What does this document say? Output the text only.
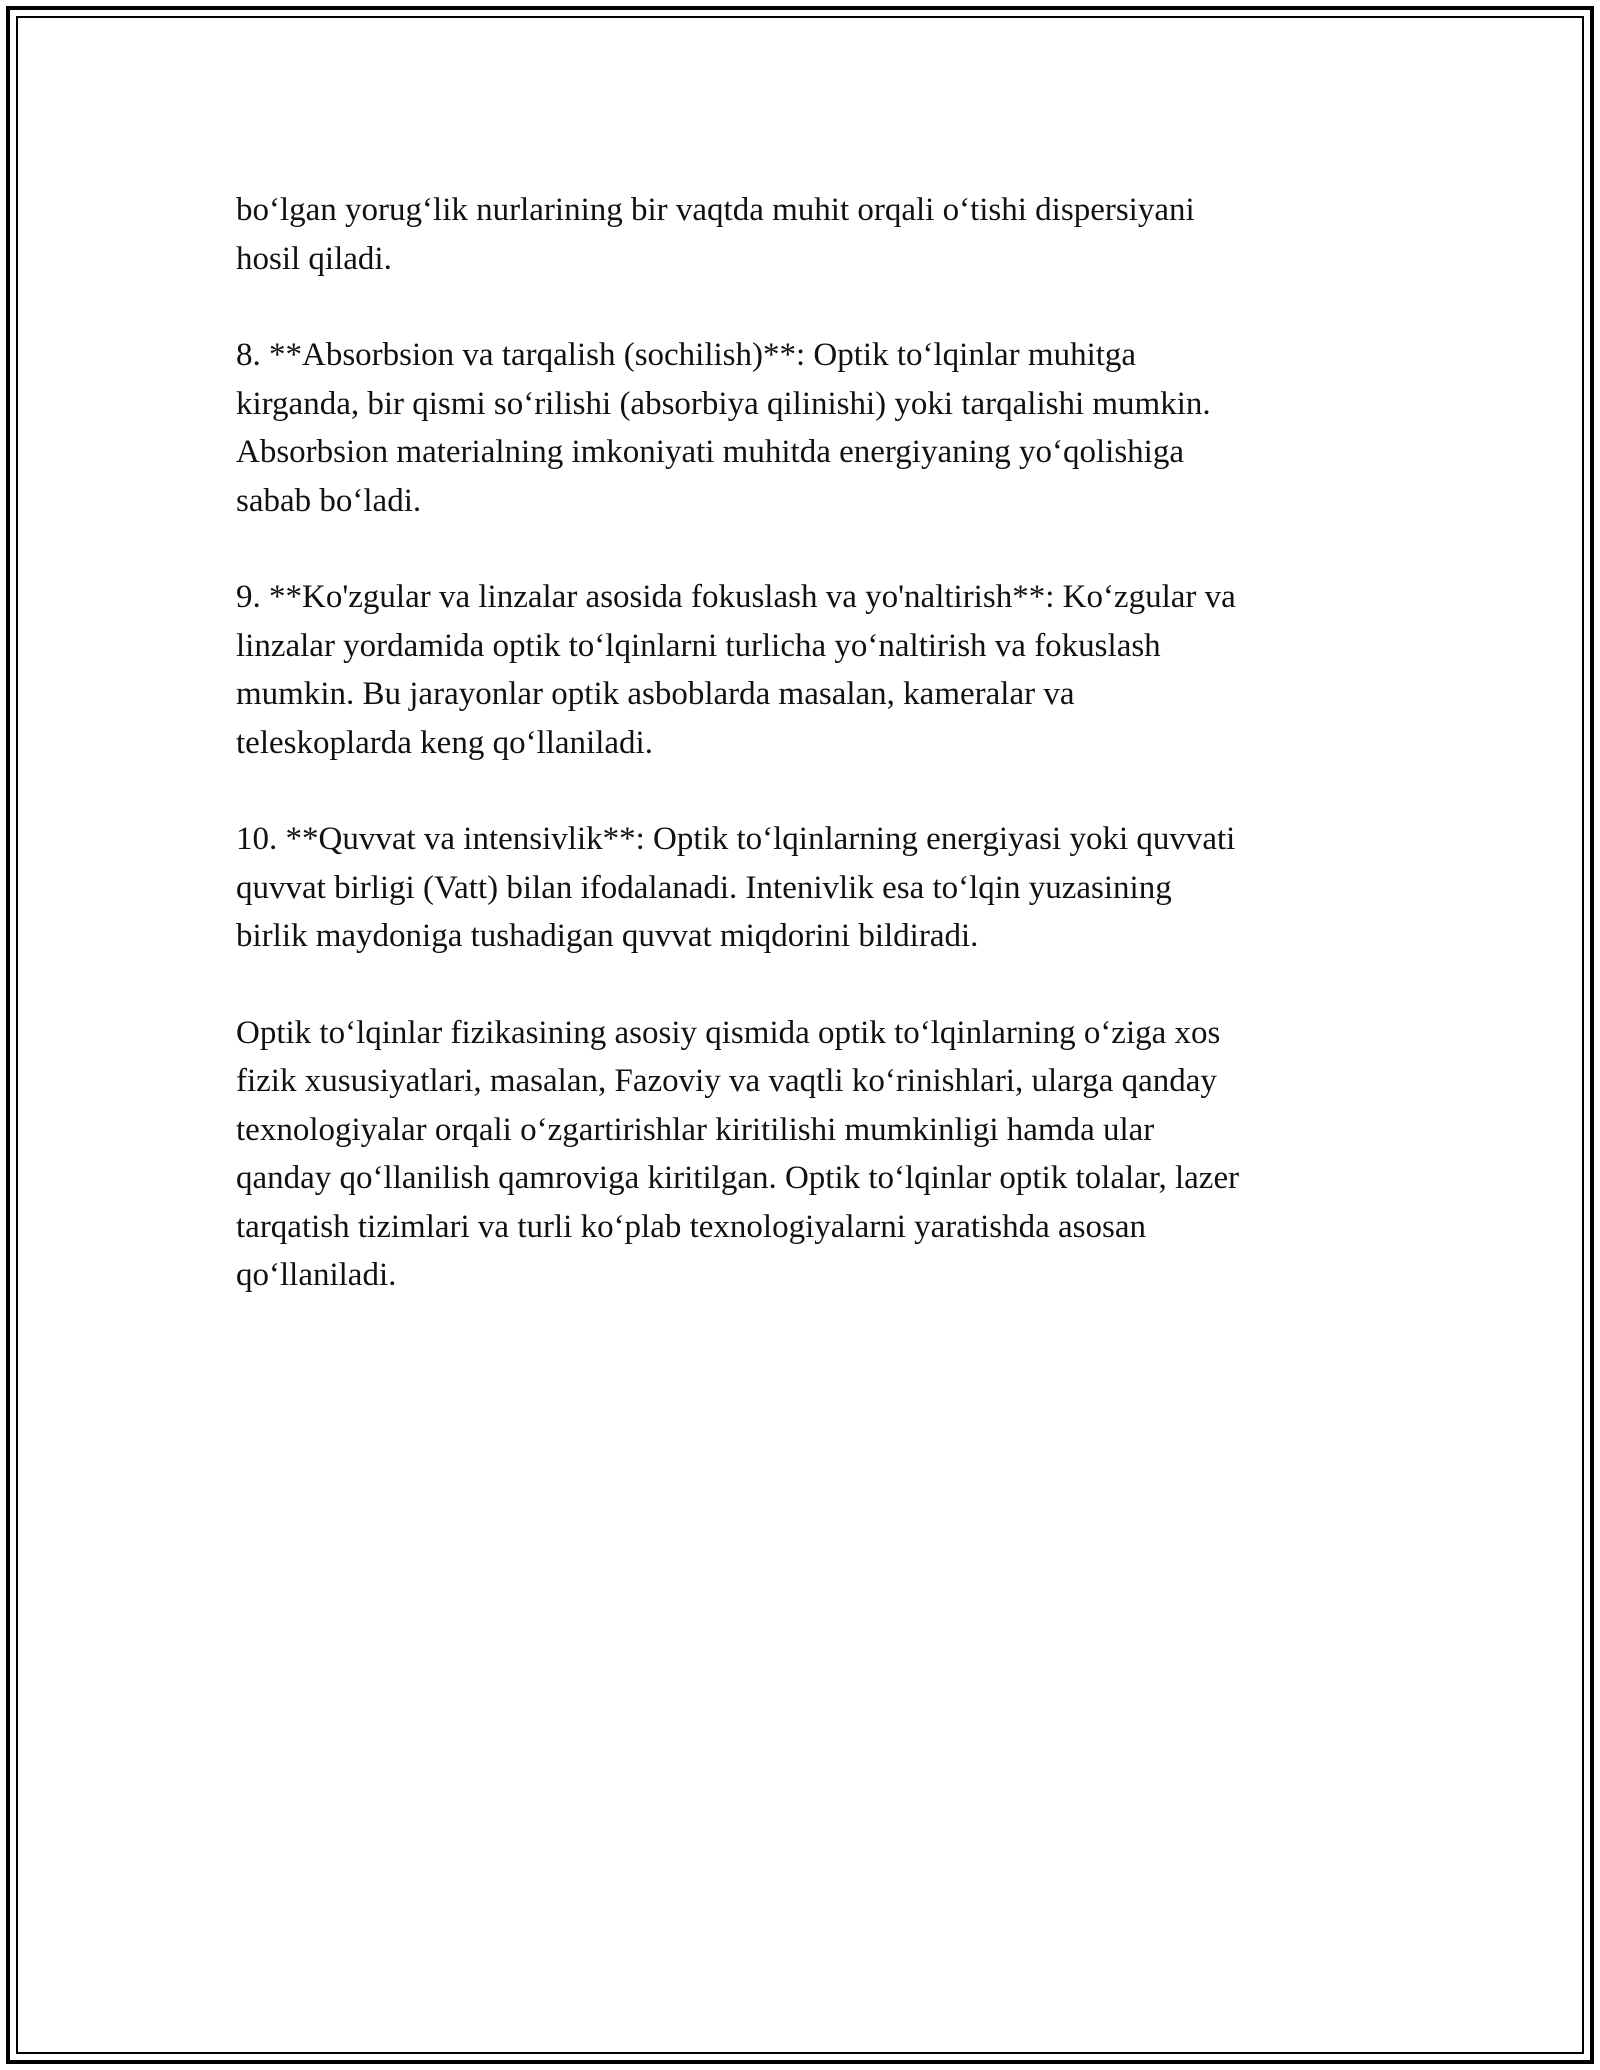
bo‘lgan yorug‘lik nurlarining bir vaqtda muhit orqali o‘tishi dispersiyani
hosil qiladi.

8. **Absorbsion va tarqalish (sochilish)**: Optik to‘lqinlar muhitga
kirganda, bir qismi so‘rilishi (absorbiya qilinishi) yoki tarqalishi mumkin.
Absorbsion materialning imkoniyati muhitda energiyaning yo‘qolishiga
sabab bo‘ladi.

9. **Ko'zgular va linzalar asosida fokuslash va yo'naltirish**: Ko‘zgular va
linzalar yordamida optik to‘lqinlarni turlicha yo‘naltirish va fokuslash
mumkin. Bu jarayonlar optik asboblarda masalan, kameralar va
teleskoplarda keng qo‘llaniladi.

10. **Quvvat va intensivlik**: Optik to‘lqinlarning energiyasi yoki quvvati
quvvat birligi (Vatt) bilan ifodalanadi. Intenivlik esa to‘lqin yuzasining
birlik maydoniga tushadigan quvvat miqdorini bildiradi.

Optik to‘lqinlar fizikasining asosiy qismida optik to‘lqinlarning o‘ziga xos
fizik xususiyatlari, masalan, Fazoviy va vaqtli ko‘rinishlari, ularga qanday
texnologiyalar orqali o‘zgartirishlar kiritilishi mumkinligi hamda ular
qanday qo‘llanilish qamroviga kiritilgan. Optik to‘lqinlar optik tolalar, lazer
tarqatish tizimlari va turli ko‘plab texnologiyalarni yaratishda asosan
qo‘llaniladi.
